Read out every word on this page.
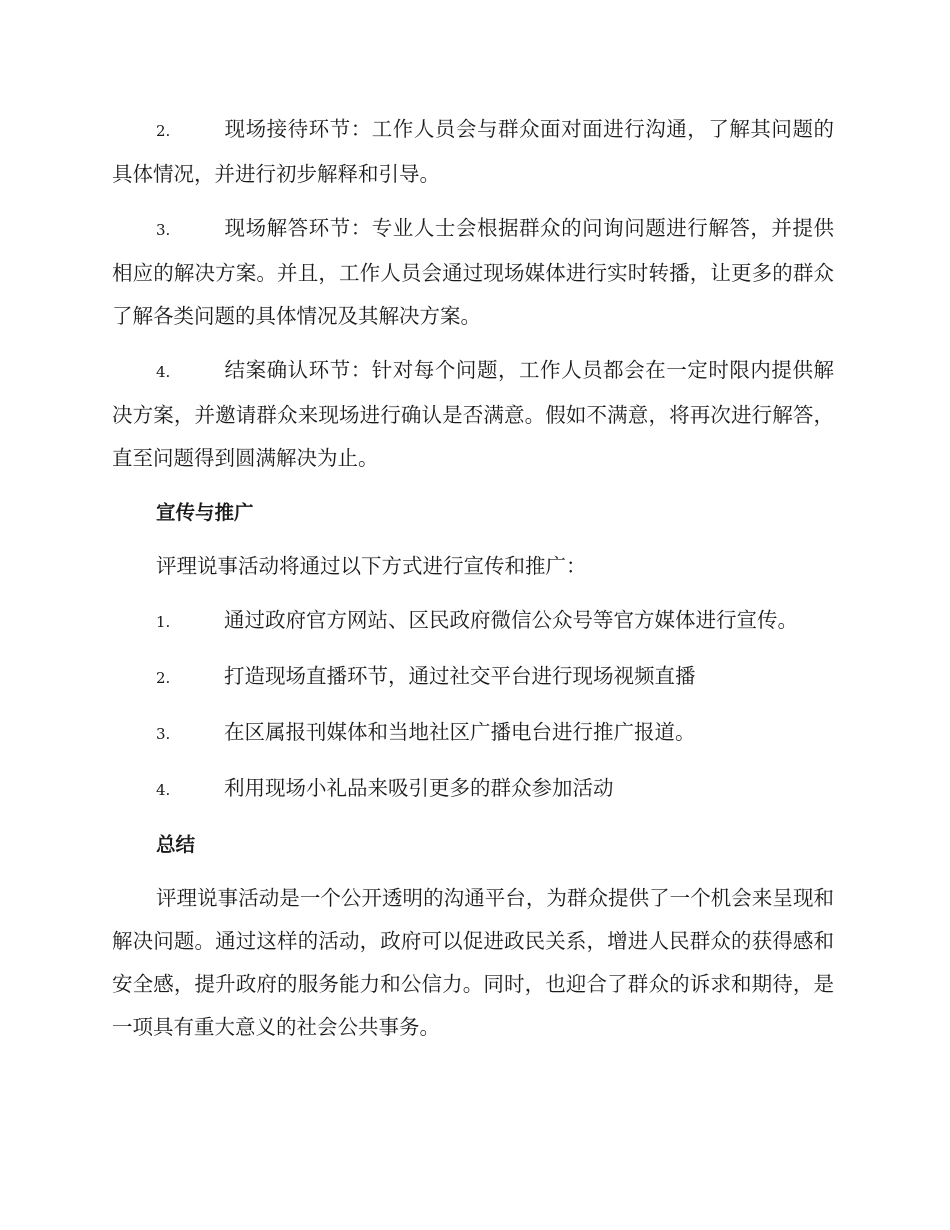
2.	现场接待环节：工作人员会与群众面对面进行沟通，了解其问题的具体情况，并进行初步解释和引导。
3.	现场解答环节：专业人士会根据群众的问询问题进行解答，并提供相应的解决方案。并且，工作人员会通过现场媒体进行实时转播，让更多的群众了解各类问题的具体情况及其解决方案。
4.	结案确认环节：针对每个问题，工作人员都会在一定时限内提供解决方案，并邀请群众来现场进行确认是否满意。假如不满意，将再次进行解答，直至问题得到圆满解决为止。
宣传与推广
评理说事活动将通过以下方式进行宣传和推广：
1.	通过政府官方网站、区民政府微信公众号等官方媒体进行宣传。
2.	打造现场直播环节，通过社交平台进行现场视频直播
3.	在区属报刊媒体和当地社区广播电台进行推广报道。
4.	利用现场小礼品来吸引更多的群众参加活动
总结
评理说事活动是一个公开透明的沟通平台，为群众提供了一个机会来呈现和解决问题。通过这样的活动，政府可以促进政民关系，增进人民群众的获得感和安全感，提升政府的服务能力和公信力。同时，也迎合了群众的诉求和期待，是一项具有重大意义的社会公共事务。
